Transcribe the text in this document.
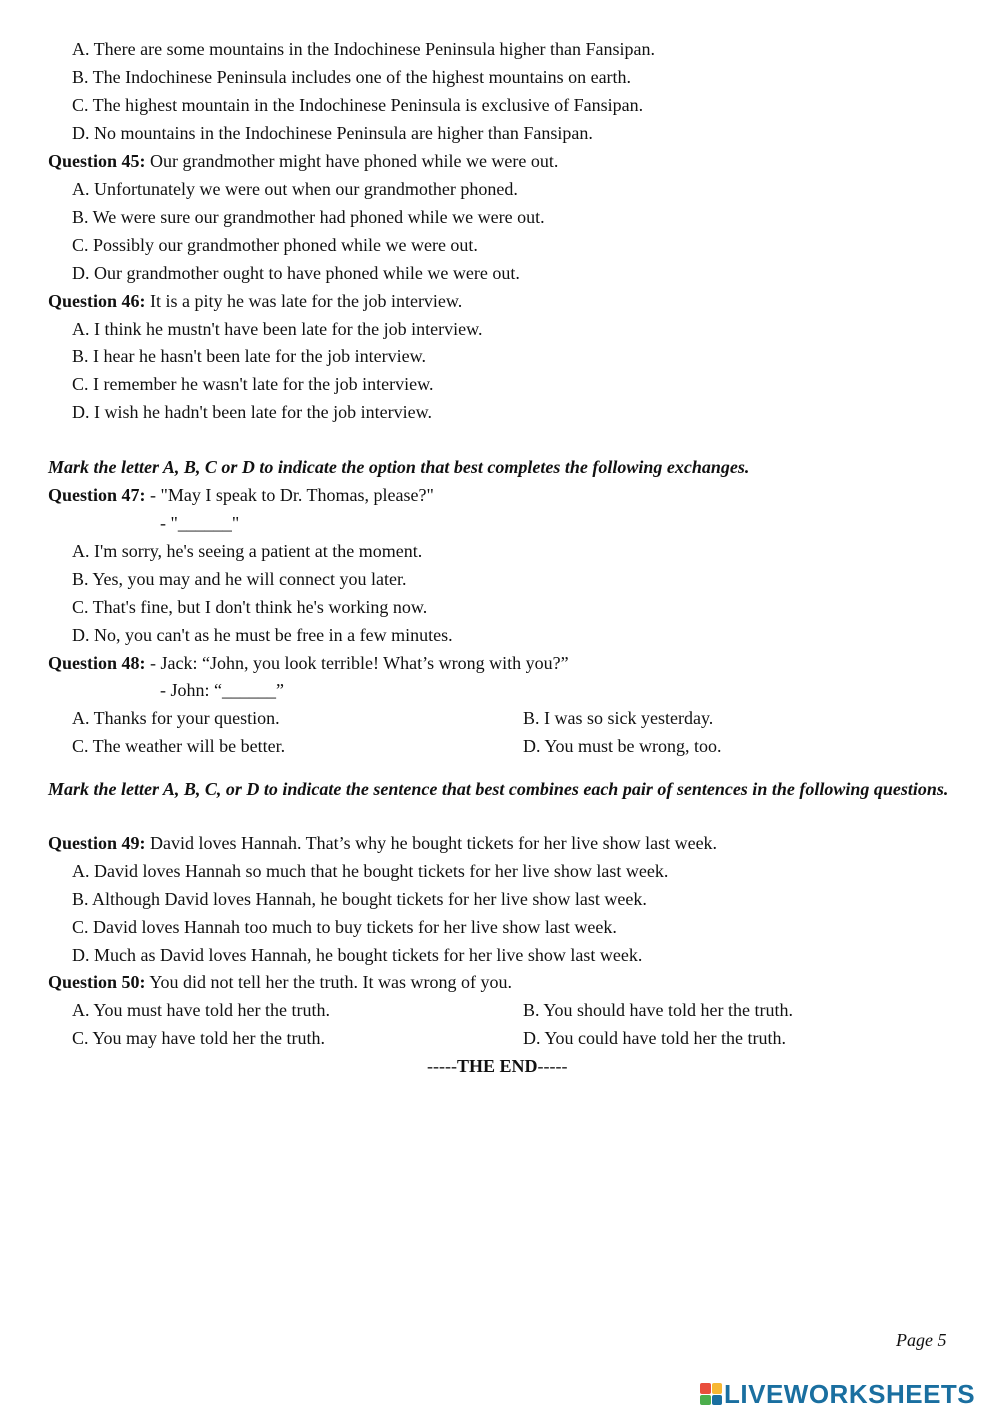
A. There are some mountains in the Indochinese Peninsula higher than Fansipan.
B. The Indochinese Peninsula includes one of the highest mountains on earth.
C. The highest mountain in the Indochinese Peninsula is exclusive of Fansipan.
D. No mountains in the Indochinese Peninsula are higher than Fansipan.
Question 45: Our grandmother might have phoned while we were out.
A. Unfortunately we were out when our grandmother phoned.
B. We were sure our grandmother had phoned while we were out.
C. Possibly our grandmother phoned while we were out.
D. Our grandmother ought to have phoned while we were out.
Question 46: It is a pity he was late for the job interview.
A. I think he mustn't have been late for the job interview.
B. I hear he hasn't been late for the job interview.
C. I remember he wasn't late for the job interview.
D. I wish he hadn't been late for the job interview.
Mark the letter A, B, C or D to indicate the option that best completes the following exchanges.
Question 47: - "May I speak to Dr. Thomas, please?"
- "______"
A. I'm sorry, he's seeing a patient at the moment.
B. Yes, you may and he will connect you later.
C. That's fine, but I don't think he's working now.
D. No, you can't as he must be free in a few minutes.
Question 48: - Jack: “John, you look terrible! What’s wrong with you?”
- John: “______”
A. Thanks for your question.	B. I was so sick yesterday.
C. The weather will be better.	D. You must be wrong, too.
Mark the letter A, B, C, or D to indicate the sentence that best combines each pair of sentences in the following questions.
Question 49: David loves Hannah. That’s why he bought tickets for her live show last week.
A. David loves Hannah so much that he bought tickets for her live show last week.
B. Although David loves Hannah, he bought tickets for her live show last week.
C. David loves Hannah too much to buy tickets for her live show last week.
D. Much as David loves Hannah, he bought tickets for her live show last week.
Question 50: You did not tell her the truth. It was wrong of you.
A. You must have told her the truth.	B. You should have told her the truth.
C. You may have told her the truth.	D. You could have told her the truth.
-----THE END-----
Page 5
LIVEWORKSHEETS
